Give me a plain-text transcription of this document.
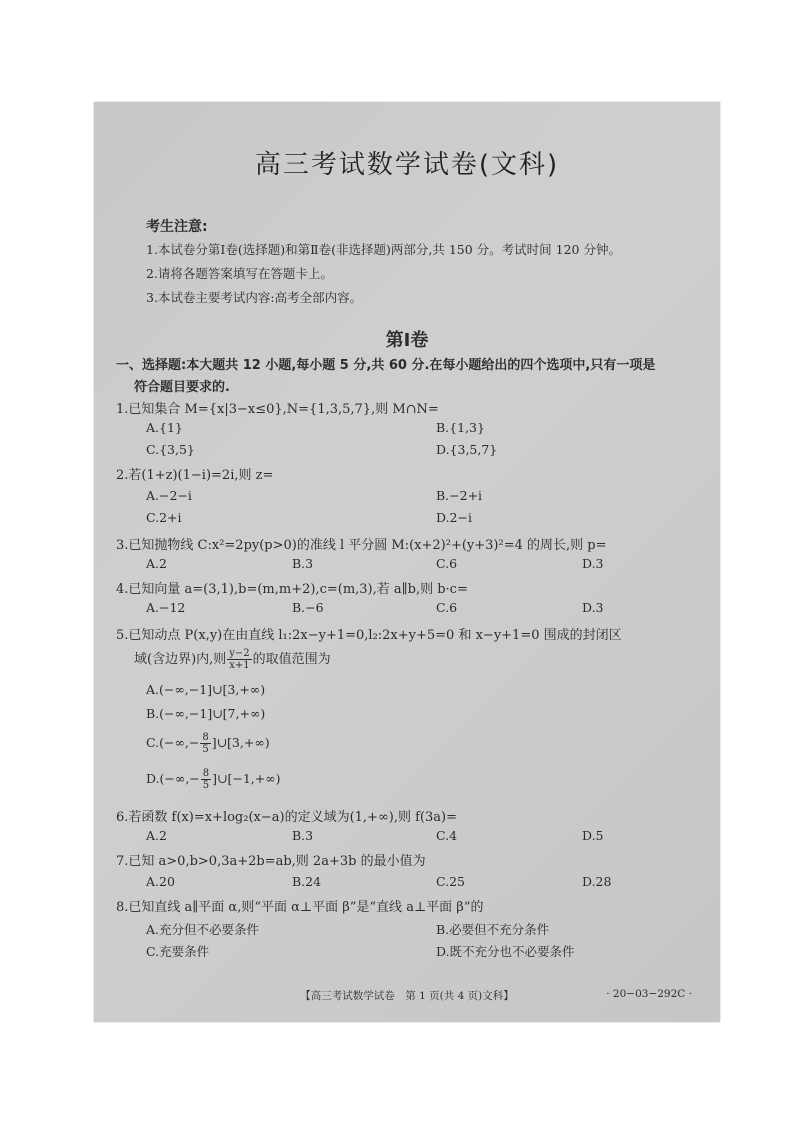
高三考试数学试卷(文科)
考生注意:
1.本试卷分第Ⅰ卷(选择题)和第Ⅱ卷(非选择题)两部分,共 150 分。考试时间 120 分钟。
2.请将各题答案填写在答题卡上。
3.本试卷主要考试内容:高考全部内容。
第Ⅰ卷
一、选择题:本大题共 12 小题,每小题 5 分,共 60 分.在每小题给出的四个选项中,只有一项是
符合题目要求的.
1.已知集合 M={x|3−x≤0},N={1,3,5,7},则 M∩N=
A.{1}	B.{1,3}
C.{3,5}	D.{3,5,7}
2.若(1+z)(1−i)=2i,则 z=
A.−2−i	B.−2+i
C.2+i	D.2−i
3.已知抛物线 C:x²=2py(p>0)的准线 l 平分圆 M:(x+2)²+(y+3)²=4 的周长,则 p=
A.2	B.3	C.6	D.3
4.已知向量 a=(3,1),b=(m,m+2),c=(m,3),若 a∥b,则 b·c=
A.−12	B.−6	C.6	D.3
5.已知动点 P(x,y)在由直线 l₁:2x−y+1=0,l₂:2x+y+5=0 和 x−y+1=0 围成的封闭区
域(含边界)内,则 $\frac{y-2}{x+1}$ 的取值范围为
A.(−∞,−1]∪[3,+∞)
B.(−∞,−1]∪[7,+∞)
$C.(-\infty,- \frac{8}{5}$ ]∪[3,+∞)
$D.(-\infty,- \frac{8}{5}$ ]∪[−1,+∞)
6.若函数 f(x)=x+log₂(x−a)的定义域为(1,+∞),则 f(3a)=
A.2	B.3	C.4	D.5
7.已知 a>0,b>0,3a+2b=ab,则 2a+3b 的最小值为
A.20	B.24	C.25	D.28
8.已知直线 a∥平面 α,则“平面 α⊥平面 β”是“直线 a⊥平面 β”的
A.充分但不必要条件	B.必要但不充分条件
C.充要条件	D.既不充分也不必要条件
【高三考试数学试卷　第 1 页(共 4 页)文科】	· 20−03−292C ·
